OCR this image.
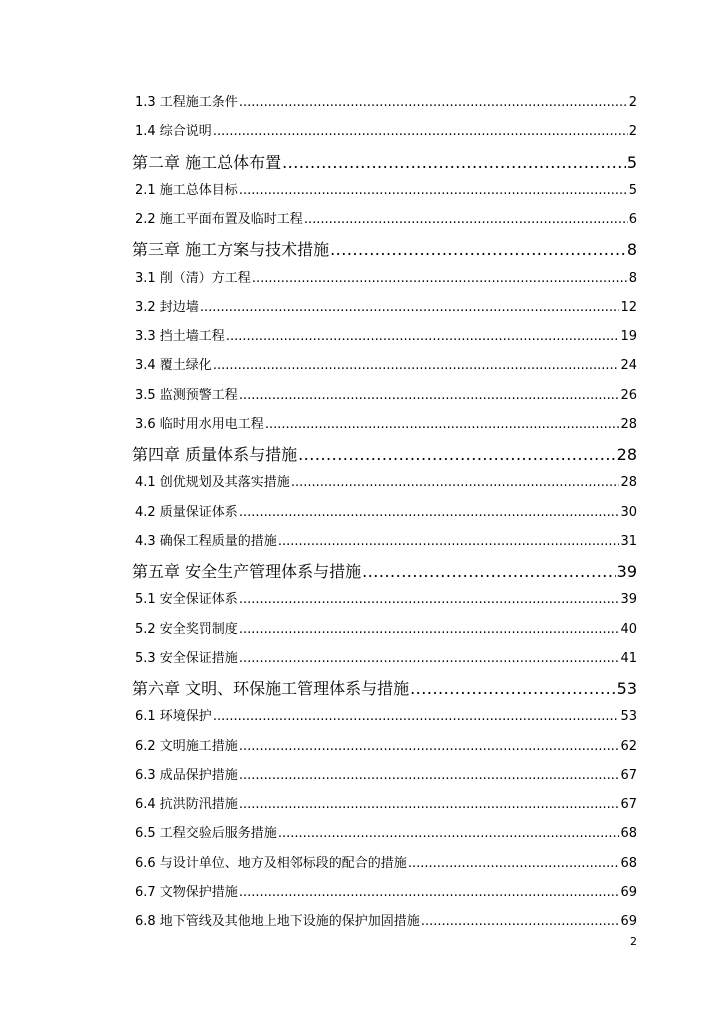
1.3 工程施工条件 .....	2
1.4 综合说明 .....	2
第二章 施工总体布置 .....	5
2.1 施工总体目标 .....	5
2.2 施工平面布置及临时工程 .....	6
第三章 施工方案与技术措施 .....	8
3.1 削（清）方工程 .....	8
3.2 封边墙 .....	12
3.3 挡土墙工程 .....	19
3.4 覆土绿化 .....	24
3.5 监测预警工程 .....	26
3.6 临时用水用电工程 .....	28
第四章 质量体系与措施 .....	28
4.1 创优规划及其落实措施 .....	28
4.2 质量保证体系 .....	30
4.3 确保工程质量的措施 .....	31
第五章 安全生产管理体系与措施 .....	39
5.1 安全保证体系 .....	39
5.2 安全奖罚制度 .....	40
5.3 安全保证措施 .....	41
第六章 文明、环保施工管理体系与措施 .....	53
6.1 环境保护 .....	53
6.2 文明施工措施 .....	62
6.3 成品保护措施 .....	67
6.4 抗洪防汛措施 .....	67
6.5 工程交验后服务措施 .....	68
6.6 与设计单位、地方及相邻标段的配合的措施 .....	68
6.7 文物保护措施 .....	69
6.8 地下管线及其他地上地下设施的保护加固措施 .....	69
2
